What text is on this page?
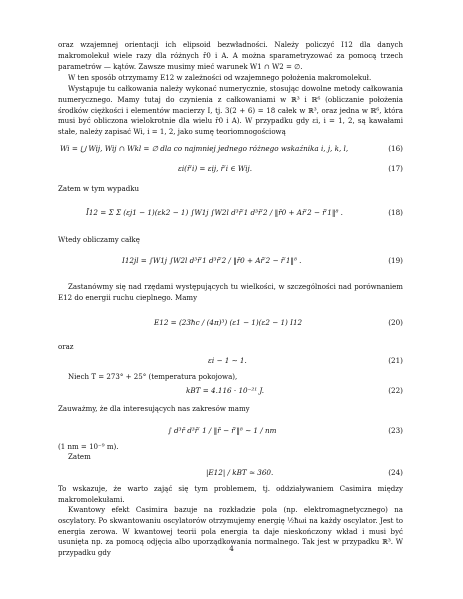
oraz wzajemnej orientacji ich elipsoid bezwładności. Należy policzyć I12 dla danych makromolekuł wiele razy dla różnych r̄0 i A. A można sparametryzować za pomocą trzech parametrów — kątów. Zawsze musimy mieć warunek W1 ∩ W2 = ∅.

W ten sposób otrzymamy E12 w zależności od wzajemnego położenia makromolekuł.

Wystąpuje tu całkowania należy wykonać numerycznie, stosując dowolne metody całkowania numerycznego. Mamy tutaj do czynienia z całkowaniami w ℝ³ i ℝ⁶ (obliczanie położenia środków ciężkości i elementów macierzy I, tj. 3(2 + 6) = 18 całek w ℝ³, oraz jedna w ℝ⁶, która musi być obliczona wielokrotnie dla wielu r̄0 i A). W przypadku gdy εi, i = 1, 2, są kawałami stałe, należy zapisać Wi, i = 1, 2, jako sumę teoriomnogościową

Wi = ⋃ Wij, Wij ∩ Wkl = ∅ dla co najmniej jednego różnego wskaźnika i, j, k, l,	(16)
εi(r̄′i) = εij, r̄′i ∈ Wij.	(17)

Zatem w tym wypadku

Ī12 = Σ Σ (εj1 − 1)(εk2 − 1) ∫W1j ∫W2l d³r̄′1 d³r̄′2 / ‖r̄0 + Ar̄′2 − r̄′1‖⁸ .	(18)

Wtedy obliczamy całkę

I12jl = ∫W1j ∫W2l d³r̄′1 d³r̄′2 / ‖r̄0 + Ar̄′2 − r̄′1‖⁸ .	(19)

Zastanówmy się nad rzędami występujących tu wielkości, w szczególności nad porównaniem E12 do energii ruchu cieplnego. Mamy

E12 = (23ħc / (4π)³) (ε1 − 1)(ε2 − 1) I12	(20)

oraz

εi − 1 ∼ 1.	(21)

Niech T = 273° + 25° (temperatura pokojowa),

kBT = 4.116 · 10⁻²¹ J.	(22)

Zauważmy, że dla interesujących nas zakresów mamy

∫ d³r̄ d³r̄′ 1 / ‖r̄ − r̄′‖⁸ ∼ 1 / nm	(23)

(1 nm = 10⁻⁹ m).

Zatem

|E12| / kBT ≃ 360.	(24)

To wskazuje, że warto zająć się tym problemem, tj. oddziaływaniem Casimira między makromolekułami.

Kwantowy efekt Casimira bazuje na rozkładzie pola (np. elektromagnetycznego) na oscylatory. Po skwantowaniu oscylatorów otrzymujemy energię ½ħωi na każdy oscylator. Jest to energia zerowa. W kwantowej teorii pola energia ta daje nieskończony wkład i musi być usunięta np. za pomocą odjęcia albo uporządkowania normalnego. Tak jest w przypadku ℝ³. W przypadku gdy	4
